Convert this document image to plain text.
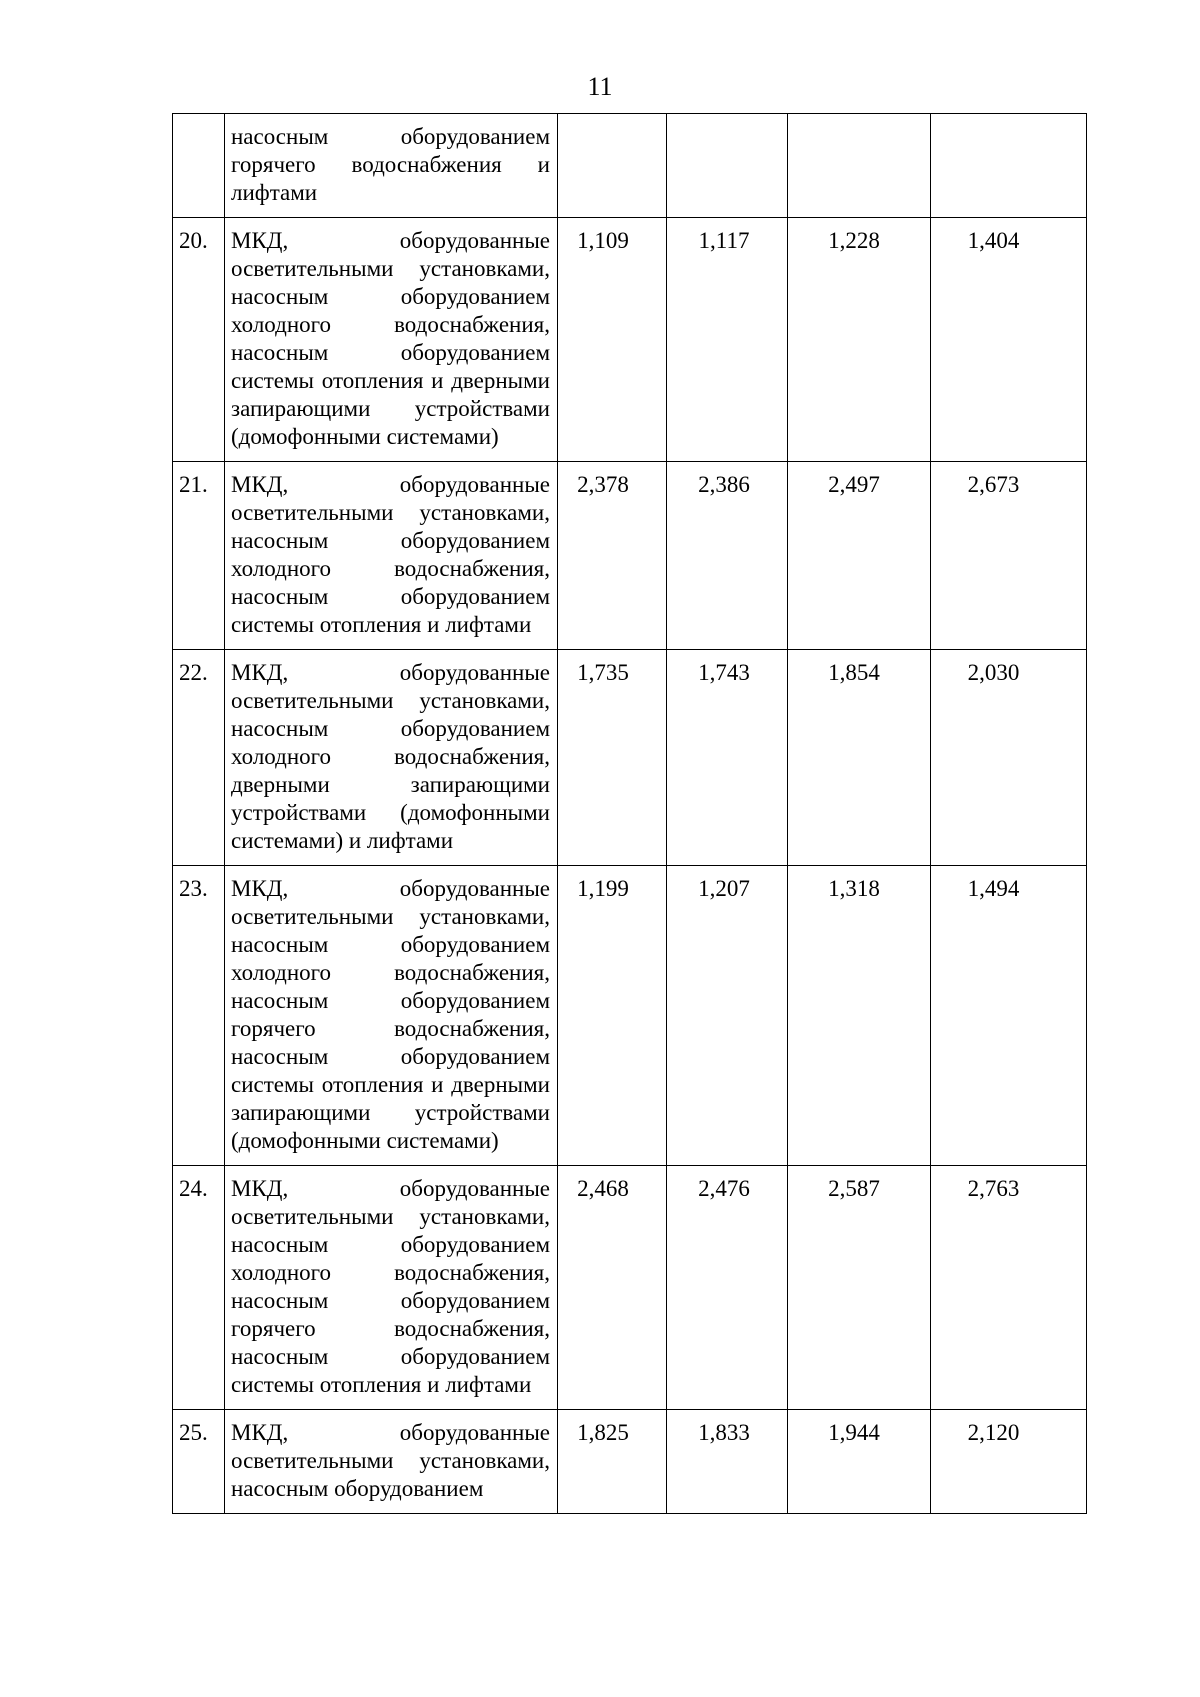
11
	насосным оборудованием горячего водоснабжения и лифтами				
20.	МКД, оборудованные осветительными установками, насосным оборудованием холодного водоснабжения, насосным оборудованием системы отопления и дверными запирающими устройствами (домофонными системами)	1,109	1,117	1,228	1,404
21.	МКД, оборудованные осветительными установками, насосным оборудованием холодного водоснабжения, насосным оборудованием системы отопления и лифтами	2,378	2,386	2,497	2,673
22.	МКД, оборудованные осветительными установками, насосным оборудованием холодного водоснабжения, дверными запирающими устройствами (домофонными системами) и лифтами	1,735	1,743	1,854	2,030
23.	МКД, оборудованные осветительными установками, насосным оборудованием холодного водоснабжения, насосным оборудованием горячего водоснабжения, насосным оборудованием системы отопления и дверными запирающими устройствами (домофонными системами)	1,199	1,207	1,318	1,494
24.	МКД, оборудованные осветительными установками, насосным оборудованием холодного водоснабжения, насосным оборудованием горячего водоснабжения, насосным оборудованием системы отопления и лифтами	2,468	2,476	2,587	2,763
25.	МКД, оборудованные осветительными установками, насосным оборудованием	1,825	1,833	1,944	2,120
